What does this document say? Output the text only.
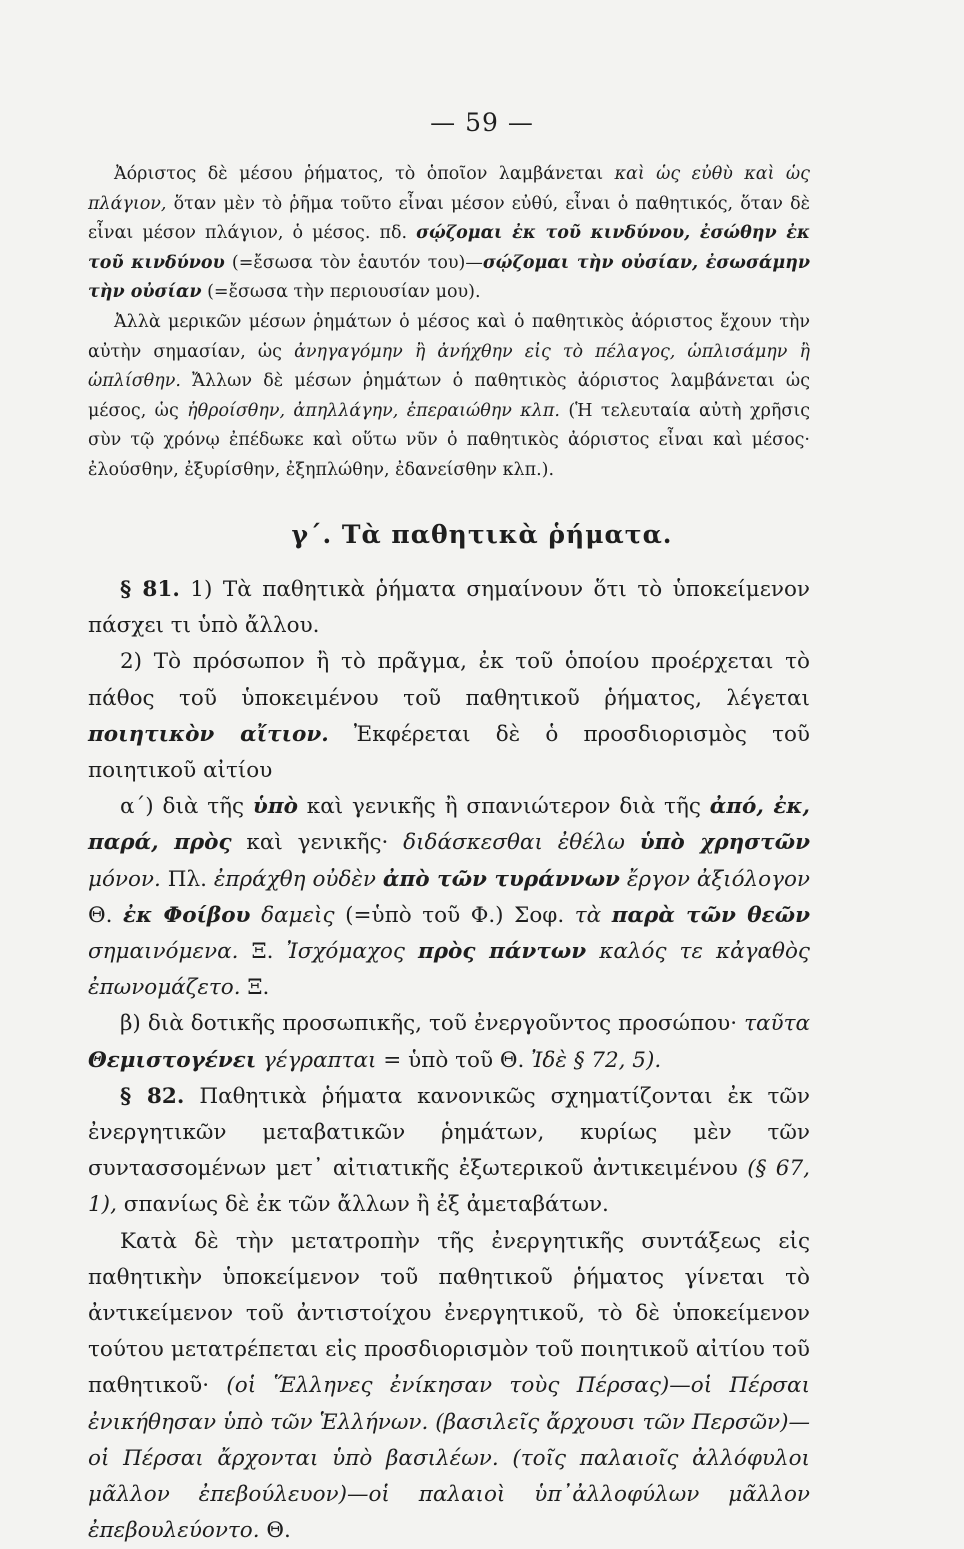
— 59 —

Ἀόριστος δὲ μέσου ῥήματος, τὸ ὁποῖον λαμβάνεται καὶ ὡς εὐθὺ καὶ ὡς πλάγιον, ὅταν μὲν τὸ ῥῆμα τοῦτο εἶναι μέσον εὐθύ, εἶναι ὁ παθητικός, ὅταν δὲ εἶναι μέσον πλάγιον, ὁ μέσος. πδ. σῴζομαι ἐκ τοῦ κινδύνου, ἐσώθην ἐκ τοῦ κινδύνου (=ἔσωσα τὸν ἑαυτόν του)—σῴζομαι τὴν οὐσίαν, ἐσωσάμην τὴν οὐσίαν (=ἔσωσα τὴν περιουσίαν μου).

Ἀλλὰ μερικῶν μέσων ῥημάτων ὁ μέσος καὶ ὁ παθητικὸς ἀόριστος ἔχουν τὴν αὐτὴν σημασίαν, ὡς ἀνηγαγόμην ἢ ἀνήχθην εἰς τὸ πέλαγος, ὡπλισάμην ἢ ὡπλίσθην. Ἄλλων δὲ μέσων ῥημάτων ὁ παθητικὸς ἀόριστος λαμβάνεται ὡς μέσος, ὡς ἠθροίσθην, ἀπηλλάγην, ἐπεραιώθην κλπ. (Ἡ τελευταία αὐτὴ χρῆσις σὺν τῷ χρόνῳ ἐπέδωκε καὶ οὕτω νῦν ὁ παθητικὸς ἀόριστος εἶναι καὶ μέσος· ἐλούσθην, ἐξυρίσθην, ἐξηπλώθην, ἐδανείσθην κλπ.).

γ΄. Τὰ παθητικὰ ῥήματα.

§ 81. 1) Τὰ παθητικὰ ῥήματα σημαίνουν ὅτι τὸ ὑποκείμενον πάσχει τι ὑπὸ ἄλλου.

2) Τὸ πρόσωπον ἢ τὸ πρᾶγμα, ἐκ τοῦ ὁποίου προέρχεται τὸ πάθος τοῦ ὑποκειμένου τοῦ παθητικοῦ ῥήματος, λέγεται ποιητικὸν αἴτιον. Ἐκφέρεται δὲ ὁ προσδιορισμὸς τοῦ ποιητικοῦ αἰτίου

α΄) διὰ τῆς ὑπὸ καὶ γενικῆς ἢ σπανιώτερον διὰ τῆς ἀπό, ἐκ, παρά, πρὸς καὶ γενικῆς· διδάσκεσθαι ἐθέλω ὑπὸ χρηστῶν μόνον. Πλ. ἐπράχθη οὐδὲν ἀπὸ τῶν τυράννων ἔργον ἀξιόλογον Θ. ἐκ Φοίβου δαμεὶς (=ὑπὸ τοῦ Φ.) Σοφ. τὰ παρὰ τῶν θεῶν σημαινόμενα. Ξ. Ἰσχόμαχος πρὸς πάντων καλός τε κἀγαθὸς ἐπωνομάζετο. Ξ.

β) διὰ δοτικῆς προσωπικῆς, τοῦ ἐνεργοῦντος προσώπου· ταῦτα Θεμιστογένει γέγραπται = ὑπὸ τοῦ Θ. Ἰδὲ § 72, 5).

§ 82. Παθητικὰ ῥήματα κανονικῶς σχηματίζονται ἐκ τῶν ἐνεργητικῶν μεταβατικῶν ῥημάτων, κυρίως μὲν τῶν συντασσομένων μετ᾽ αἰτιατικῆς ἐξωτερικοῦ ἀντικειμένου (§ 67, 1), σπανίως δὲ ἐκ τῶν ἄλλων ἢ ἐξ ἀμεταβάτων.

Κατὰ δὲ τὴν μετατροπὴν τῆς ἐνεργητικῆς συντάξεως εἰς παθητικὴν ὑποκείμενον τοῦ παθητικοῦ ῥήματος γίνεται τὸ ἀντικείμενον τοῦ ἀντιστοίχου ἐνεργητικοῦ, τὸ δὲ ὑποκείμενον τούτου μετατρέπεται εἰς προσδιορισμὸν τοῦ ποιητικοῦ αἰτίου τοῦ παθητικοῦ· (οἱ Ἕλληνες ἐνίκησαν τοὺς Πέρσας)—οἱ Πέρσαι ἐνικήθησαν ὑπὸ τῶν Ἑλλήνων. (βασιλεῖς ἄρχουσι τῶν Περσῶν)—οἱ Πέρσαι ἄρχονται ὑπὸ βασιλέων. (τοῖς παλαιοῖς ἀλλόφυλοι μᾶλλον ἐπεβούλευον)—οἱ παλαιοὶ ὑπ᾽ἀλλοφύλων μᾶλλον ἐπεβουλεύοντο. Θ.
